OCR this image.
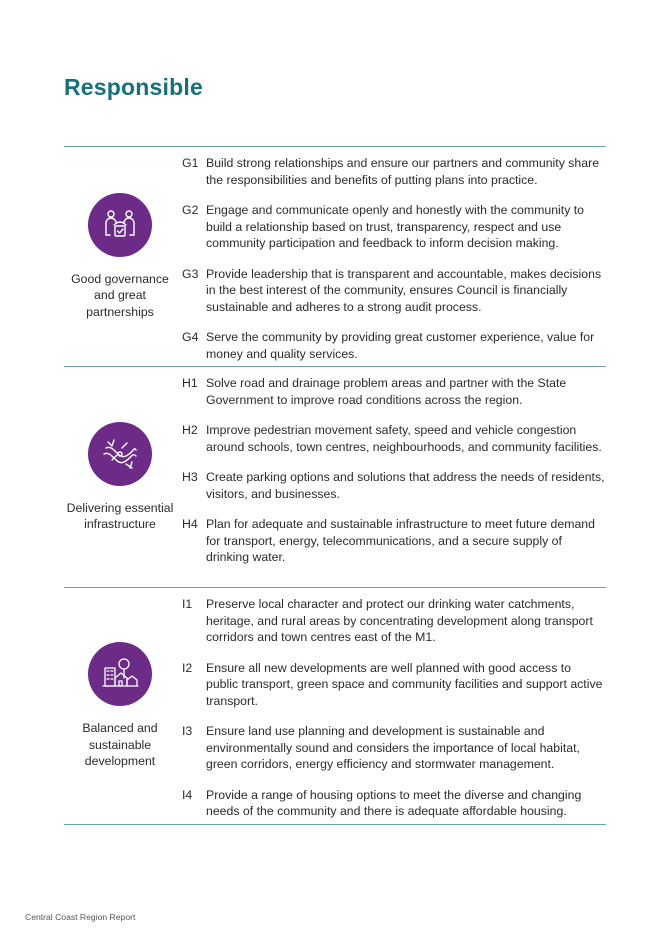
Responsible
Good governance and great partnerships
G1 Build strong relationships and ensure our partners and community share the responsibilities and benefits of putting plans into practice.
G2 Engage and communicate openly and honestly with the community to build a relationship based on trust, transparency, respect and use community participation and feedback to inform decision making.
G3 Provide leadership that is transparent and accountable, makes decisions in the best interest of the community, ensures Council is financially sustainable and adheres to a strong audit process.
G4 Serve the community by providing great customer experience, value for money and quality services.
Delivering essential infrastructure
H1 Solve road and drainage problem areas and partner with the State Government to improve road conditions across the region.
H2 Improve pedestrian movement safety, speed and vehicle congestion around schools, town centres, neighbourhoods, and community facilities.
H3 Create parking options and solutions that address the needs of residents, visitors, and businesses.
H4 Plan for adequate and sustainable infrastructure to meet future demand for transport, energy, telecommunications, and a secure supply of drinking water.
Balanced and sustainable development
I1	Preserve local character and protect our drinking water catchments, heritage, and rural areas by concentrating development along transport corridors and town centres east of the M1.
I2	Ensure all new developments are well planned with good access to public transport, green space and community facilities and support active transport.
I3	Ensure land use planning and development is sustainable and environmentally sound and considers the importance of local habitat, green corridors, energy efficiency and stormwater management.
I4	Provide a range of housing options to meet the diverse and changing needs of the community and there is adequate affordable housing.
Central Coast Region Report
